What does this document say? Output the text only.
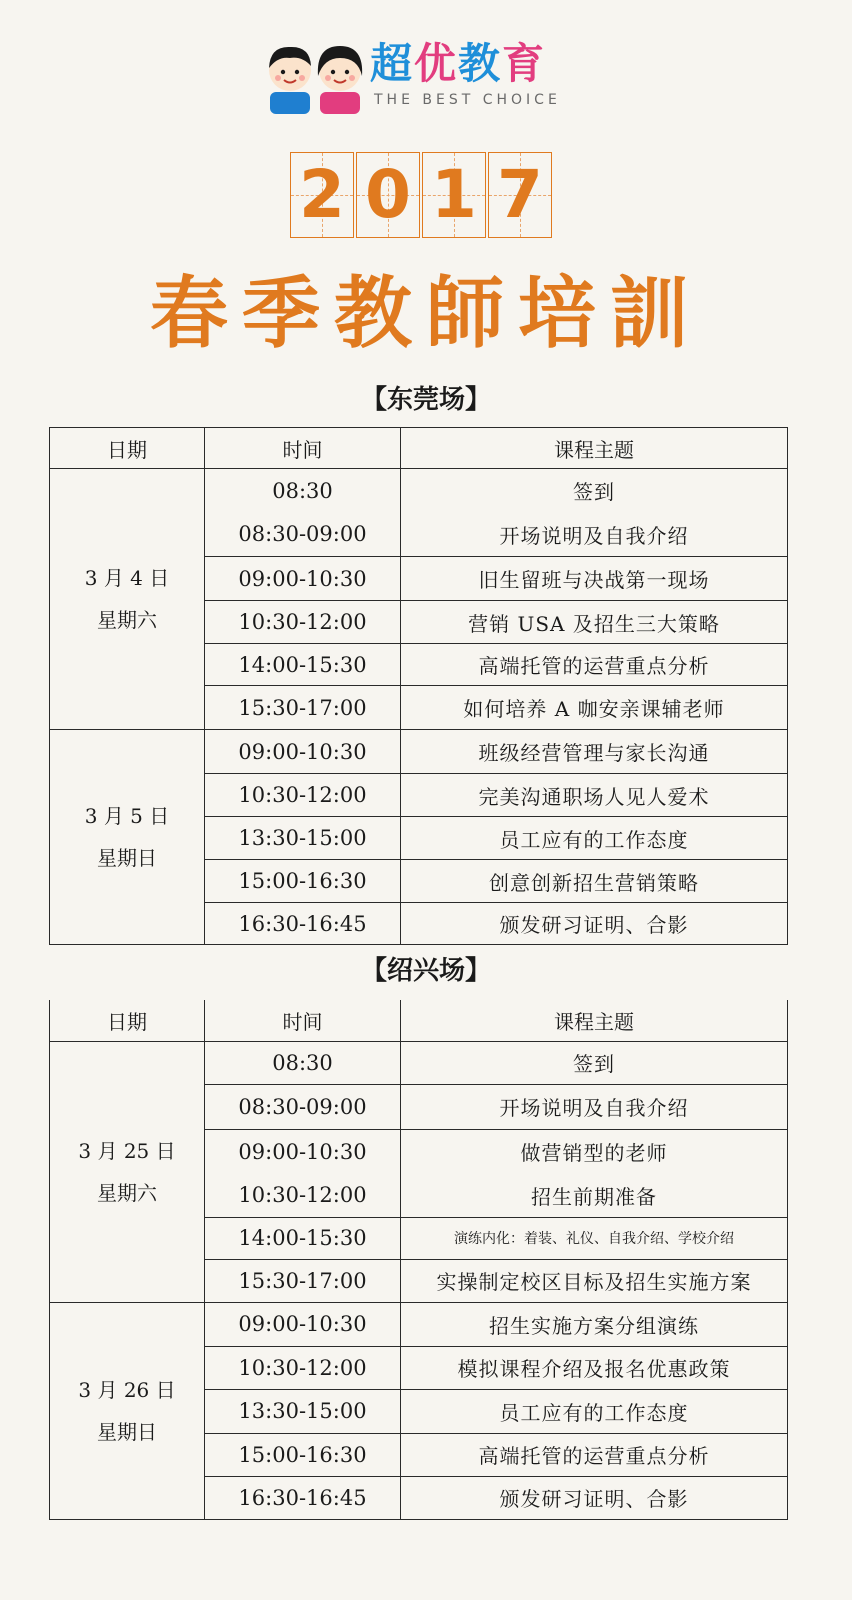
超优教育
THE BEST CHOICE
2 0 1 7
春季教師培訓
【东莞场】
日期	时间	课程主题

3 月 4 日
星期六	08:30	签到
	08:30-09:00	开场说明及自我介绍
	09:00-10:30	旧生留班与决战第一现场
	10:30-12:00	营销 USA 及招生三大策略
	14:00-15:30	高端托管的运营重点分析
	15:30-17:00	如何培养 A 咖安亲课辅老师

3 月 5 日
星期日	09:00-10:30	班级经营管理与家长沟通
	10:30-12:00	完美沟通职场人见人爱术
	13:30-15:00	员工应有的工作态度
	15:00-16:30	创意创新招生营销策略
	16:30-16:45	颁发研习证明、合影
【绍兴场】
日期	时间	课程主题

3 月 25 日
星期六	08:30	签到
	08:30-09:00	开场说明及自我介绍
	09:00-10:30	做营销型的老师
	10:30-12:00	招生前期准备
	14:00-15:30	演练内化：着装、礼仪、自我介绍、学校介绍
	15:30-17:00	实操制定校区目标及招生实施方案

3 月 26 日
星期日	09:00-10:30	招生实施方案分组演练
	10:30-12:00	模拟课程介绍及报名优惠政策
	13:30-15:00	员工应有的工作态度
	15:00-16:30	高端托管的运营重点分析
	16:30-16:45	颁发研习证明、合影
